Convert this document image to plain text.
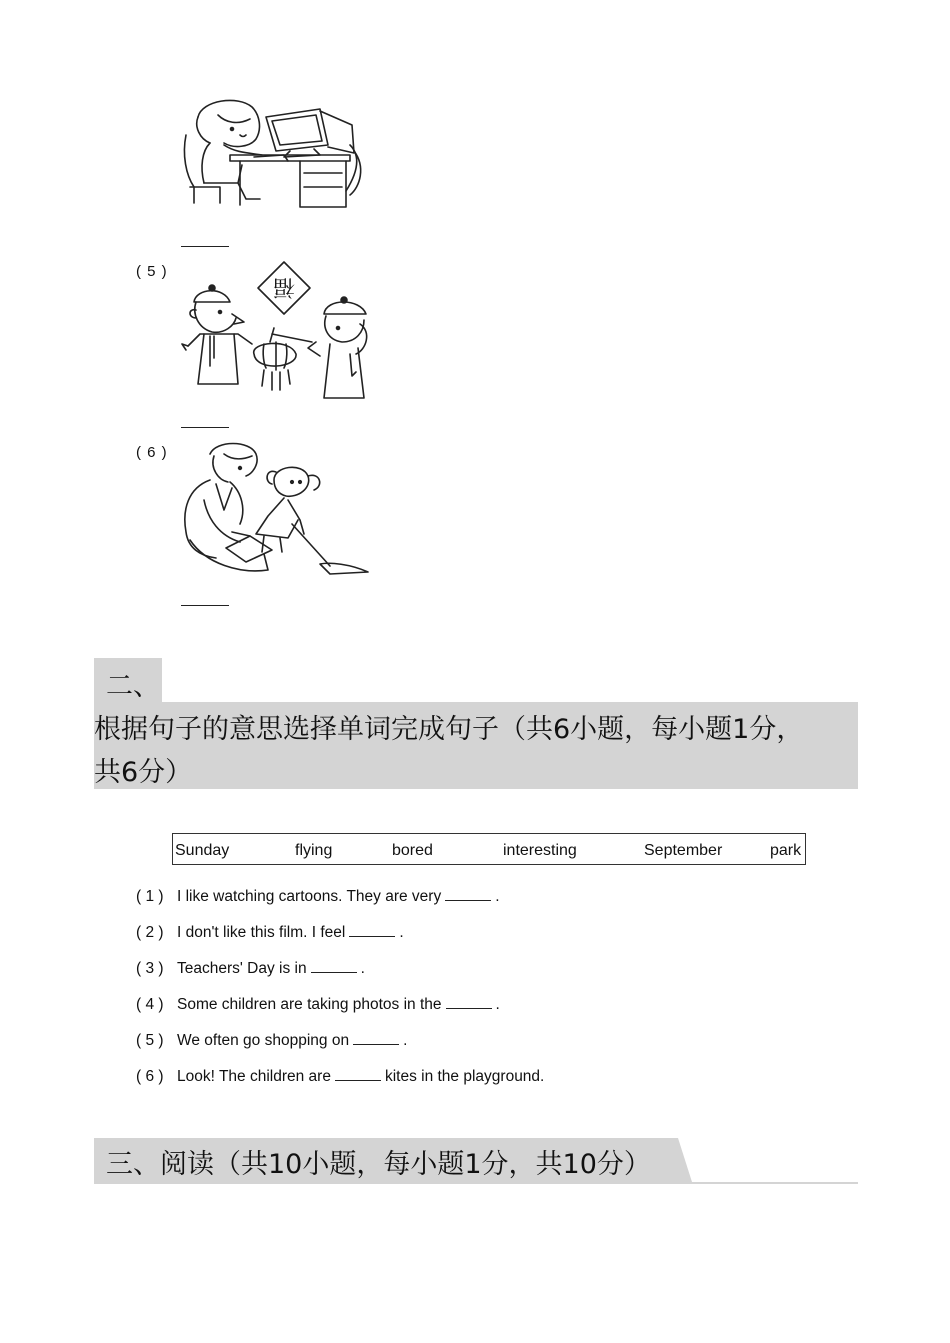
( 5 )
福
( 6 )
二、
根据句子的意思选择单词完成句子（共6小题，每小题1分，
共6分）
Sunday	flying	bored	interesting	September	park
( 1 ) I like watching cartoons. They are very	.
( 2 ) I don't like this film. I feel	.
( 3 ) Teachers' Day is in	.
( 4 ) Some children are taking photos in the	.
( 5 ) We often go shopping on	.
( 6 ) Look! The children are	kites in the playground.
三、阅读（共10小题，每小题1分，共10分）
